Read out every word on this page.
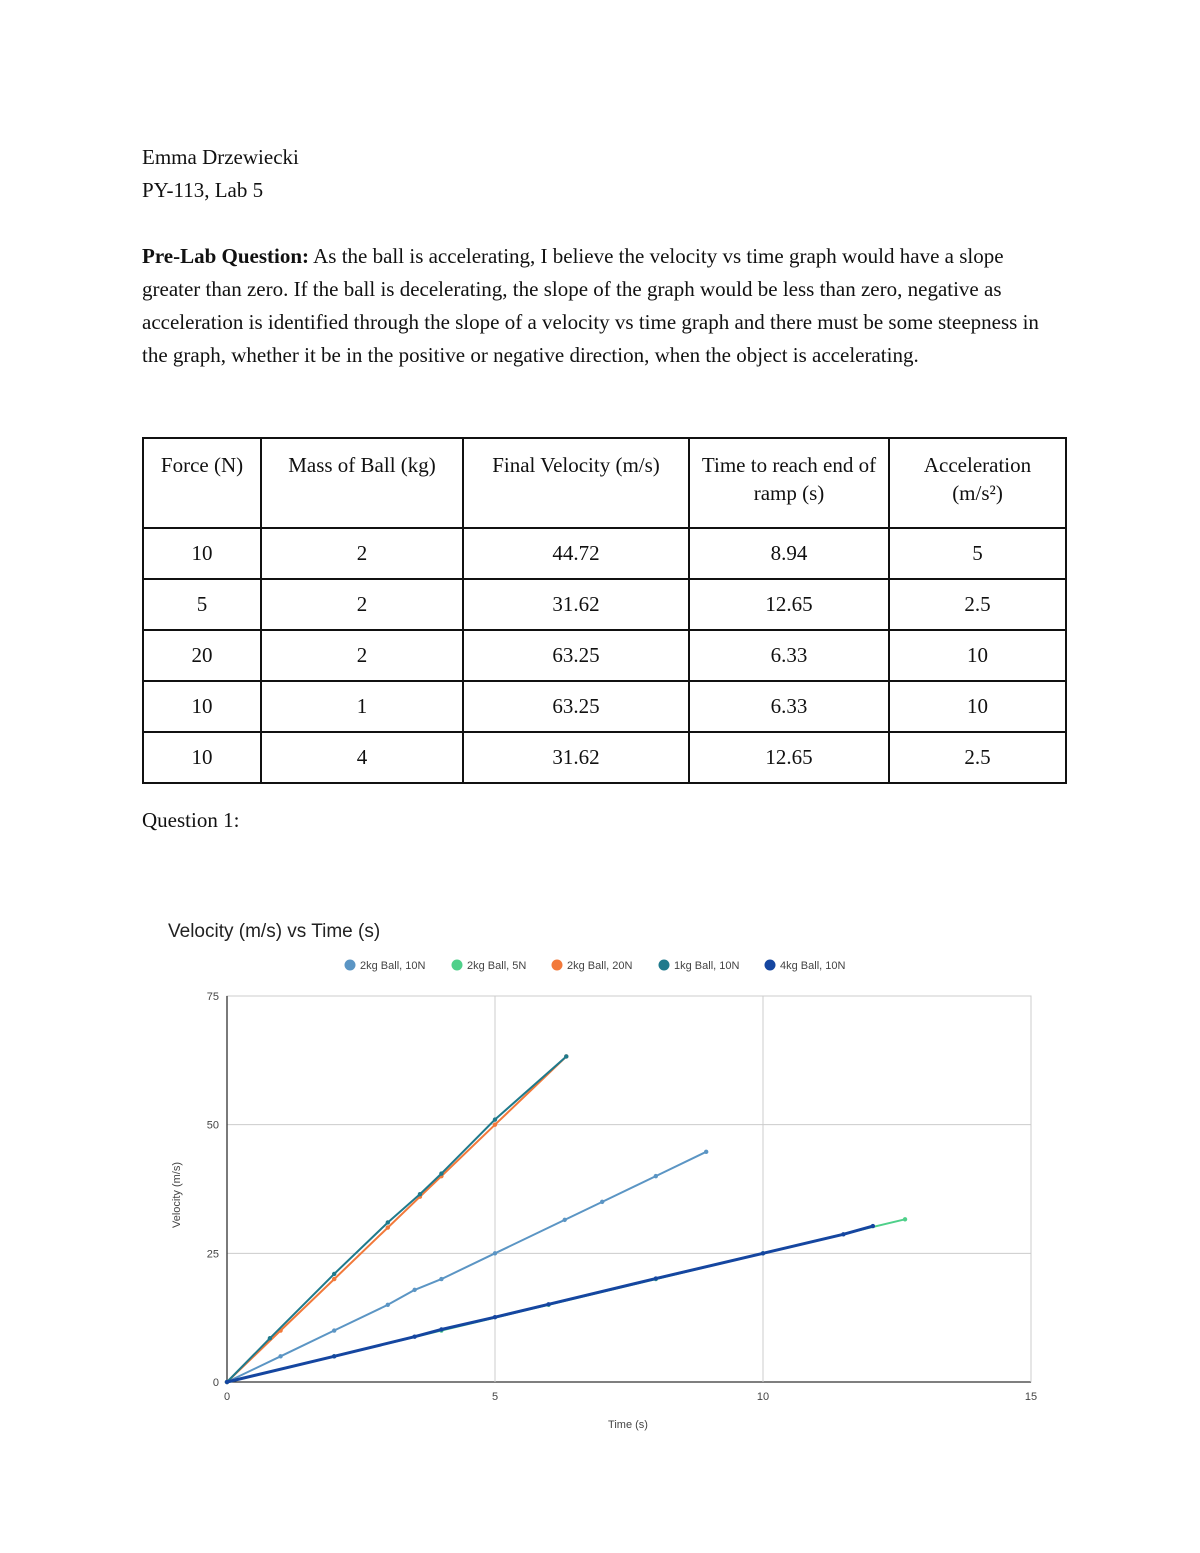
Emma Drzewiecki
PY-113, Lab 5
Pre-Lab Question: As the ball is accelerating, I believe the velocity vs time graph would have a slope greater than zero. If the ball is decelerating, the slope of the graph would be less than zero, negative as acceleration is identified through the slope of a velocity vs time graph and there must be some steepness in the graph, whether it be in the positive or negative direction, when the object is accelerating.
Force (N)	Mass of Ball (kg)	Final Velocity (m/s)	Time to reach end of ramp (s)	Acceleration (m/s²)
10	2	44.72	8.94	5
5	2	31.62	12.65	2.5
20	2	63.25	6.33	10
10	1	63.25	6.33	10
10	4	31.62	12.65	2.5
Question 1:
Velocity (m/s) vs Time (s)
2kg Ball, 10N	2kg Ball, 5N	2kg Ball, 20N	1kg Ball, 10N	4kg Ball, 10N
0
25
50
75
0	5	10	15
Time (s)
Velocity (m/s)
